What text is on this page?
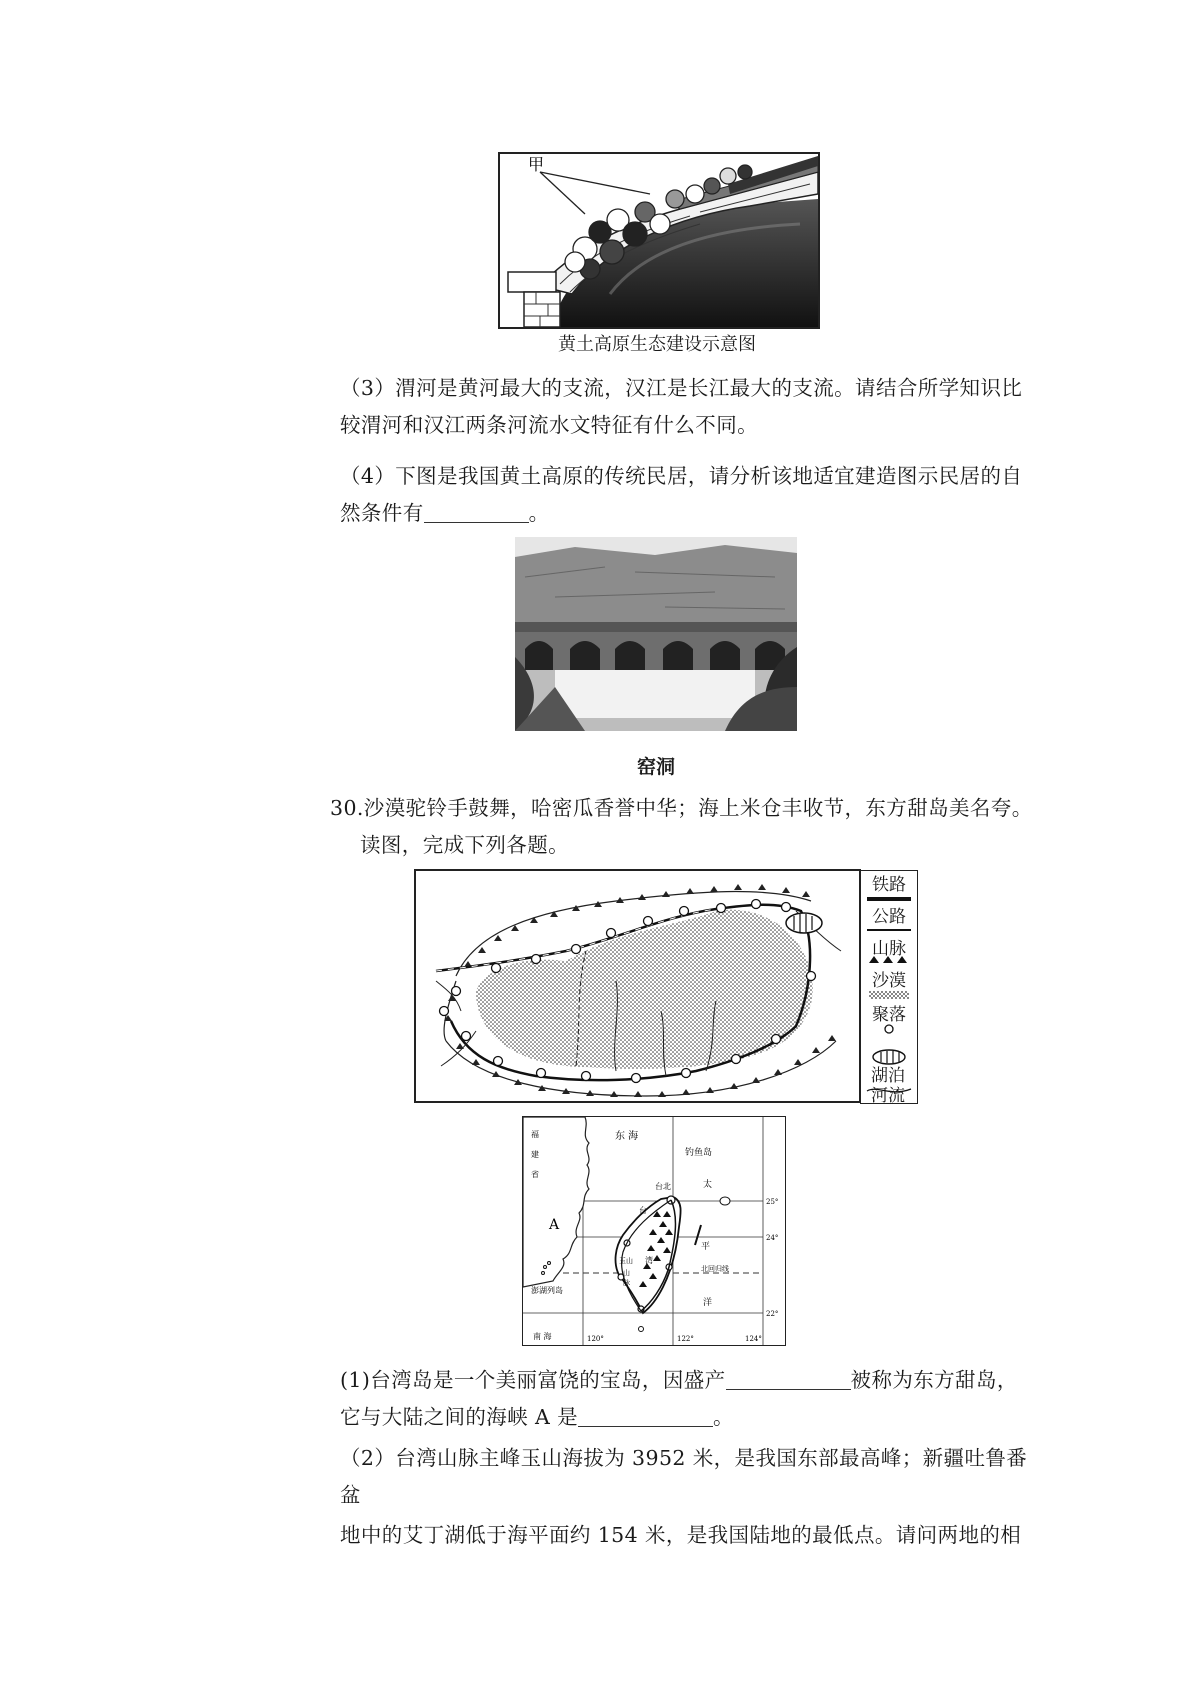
甲
黄土高原生态建设示意图
（3）渭河是黄河最大的支流，汉江是长江最大的支流。请结合所学知识比
较渭河和汉江两条河流水文特征有什么不同。
（4）下图是我国黄土高原的传统民居，请分析该地适宜建造图示民居的自
然条件有	。
窑洞
30.沙漠驼铃手鼓舞，哈密瓜香誉中华；海上米仓丰收节，东方甜岛美名夸。
读图，完成下列各题。
铁路
公路
山脉
沙漠
聚落
湖泊
河流
福
建
省
东 海
钓鱼岛
台北
A
台
湾
玉山
山
脉
太
平
洋
北回归线
澎湖列岛
南 海
25°
24°
22°
120°	122°	124°
(1)台湾岛是一个美丽富饶的宝岛，因盛产	被称为东方甜岛，
它与大陆之间的海峡 A 是	。
（2）台湾山脉主峰玉山海拔为 3952 米，是我国东部最高峰；新疆吐鲁番盆
地中的艾丁湖低于海平面约 154 米，是我国陆地的最低点。请问两地的相
